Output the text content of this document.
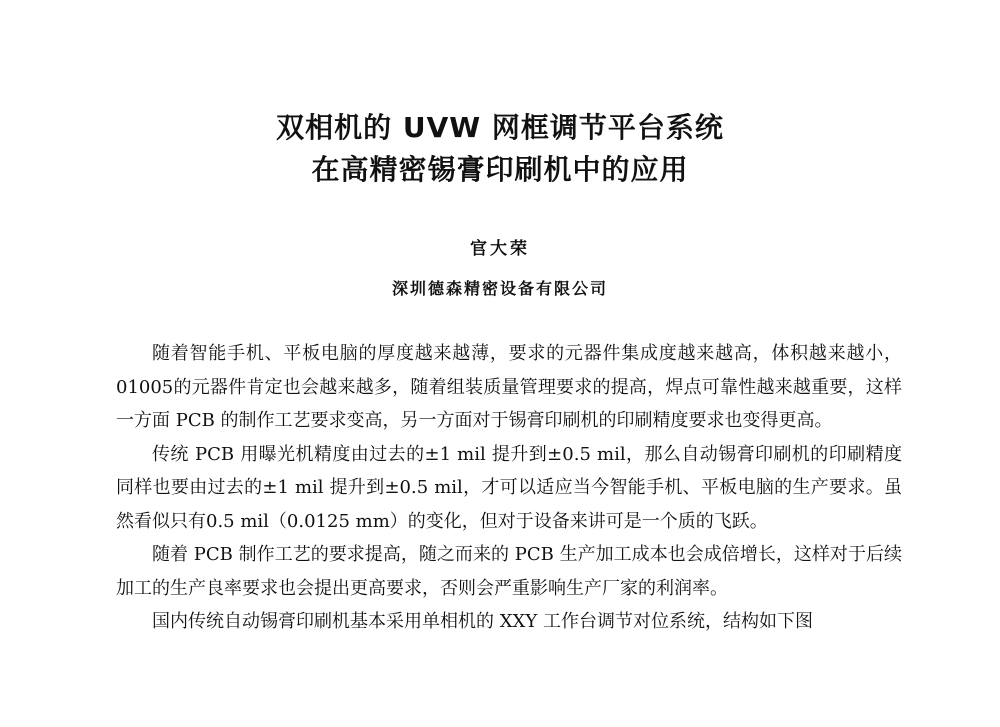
双相机的 UVW 网框调节平台系统
在高精密锡膏印刷机中的应用
官大荣
深圳德森精密设备有限公司

随着智能手机、平板电脑的厚度越来越薄，要求的元器件集成度越来越高，体积越来越小，01005的元器件肯定也会越来越多，随着组装质量管理要求的提高，焊点可靠性越来越重要，这样一方面 PCB 的制作工艺要求变高，另一方面对于锡膏印刷机的印刷精度要求也变得更高。

传统 PCB 用曝光机精度由过去的±1 mil 提升到±0.5 mil，那么自动锡膏印刷机的印刷精度同样也要由过去的±1 mil 提升到±0.5 mil，才可以适应当今智能手机、平板电脑的生产要求。虽然看似只有0.5 mil（0.0125 mm）的变化，但对于设备来讲可是一个质的飞跃。

随着 PCB 制作工艺的要求提高，随之而来的 PCB 生产加工成本也会成倍增长，这样对于后续加工的生产良率要求也会提出更高要求，否则会严重影响生产厂家的利润率。

国内传统自动锡膏印刷机基本采用单相机的 XXY 工作台调节对位系统，结构如下图
